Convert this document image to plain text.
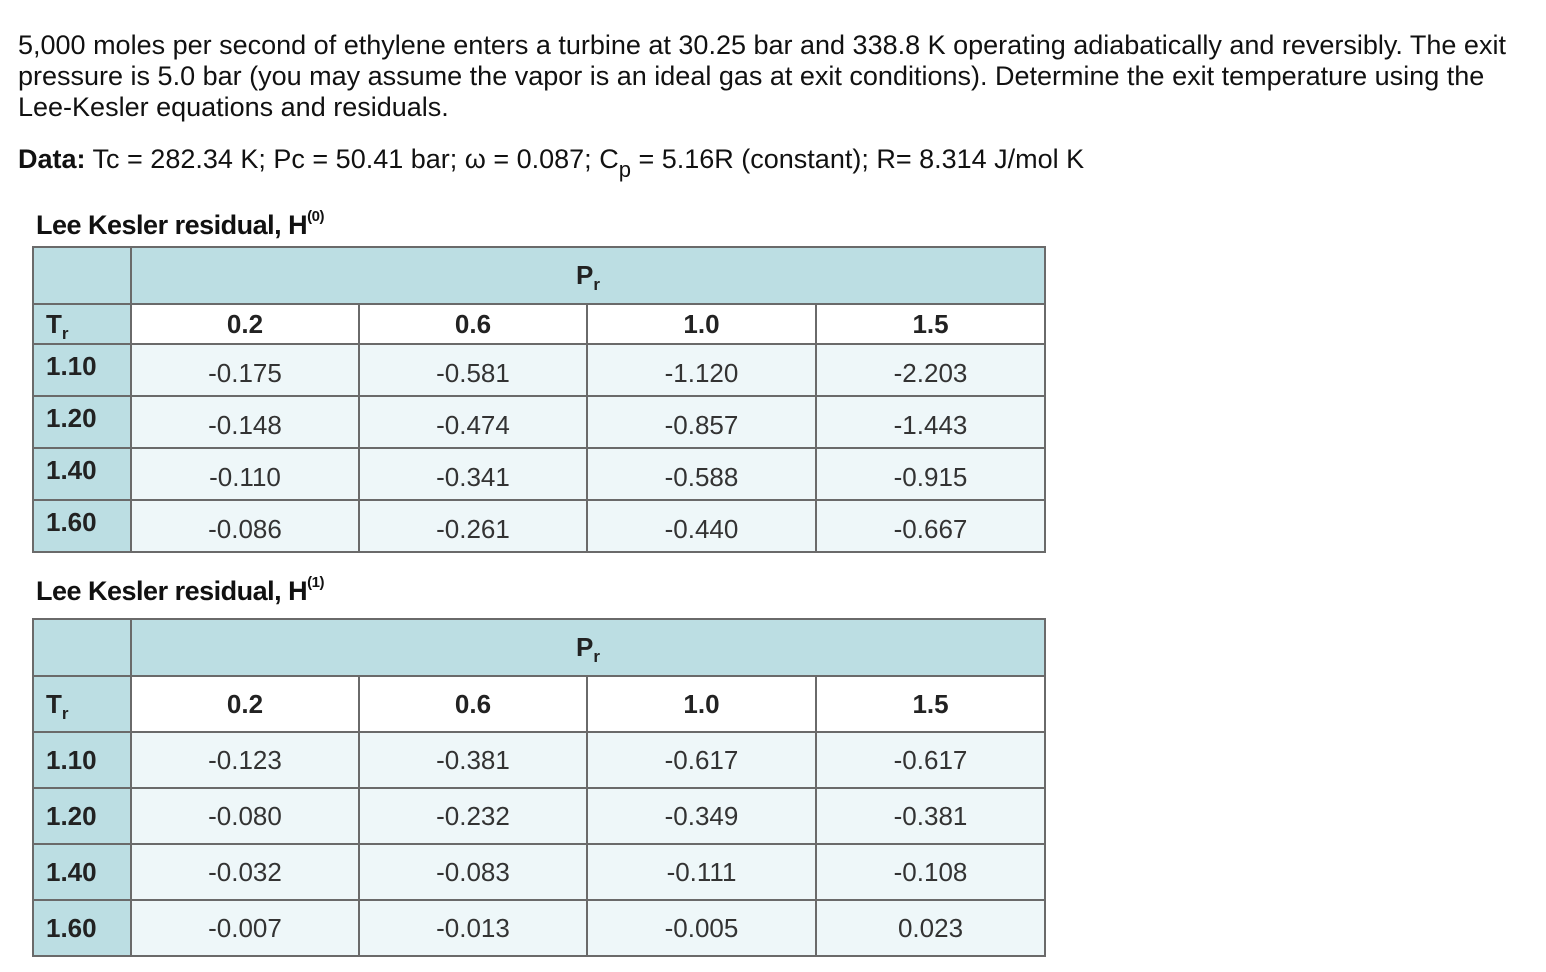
5,000 moles per second of ethylene enters a turbine at 30.25 bar and 338.8 K operating adiabatically and reversibly. The exit pressure is 5.0 bar (you may assume the vapor is an ideal gas at exit conditions). Determine the exit temperature using the Lee-Kesler equations and residuals.

Data: Tc = 282.34 K; Pc = 50.41 bar; ω = 0.087; $C_p = 5.16R$ (constant); R= 8.314 J/mol K
Lee Kesler residual, $H^{(0)}$
	$P_r$
$T_r$	0.2	0.6	1.0	1.5
1.10	-0.175	-0.581	-1.120	-2.203
1.20	-0.148	-0.474	-0.857	-1.443
1.40	-0.110	-0.341	-0.588	-0.915
1.60	-0.086	-0.261	-0.440	-0.667
Lee Kesler residual, $H^{(1)}$
	$P_r$
$T_r$	0.2	0.6	1.0	1.5
1.10	-0.123	-0.381	-0.617	-0.617
1.20	-0.080	-0.232	-0.349	-0.381
1.40	-0.032	-0.083	-0.111	-0.108
1.60	-0.007	-0.013	-0.005	0.023
